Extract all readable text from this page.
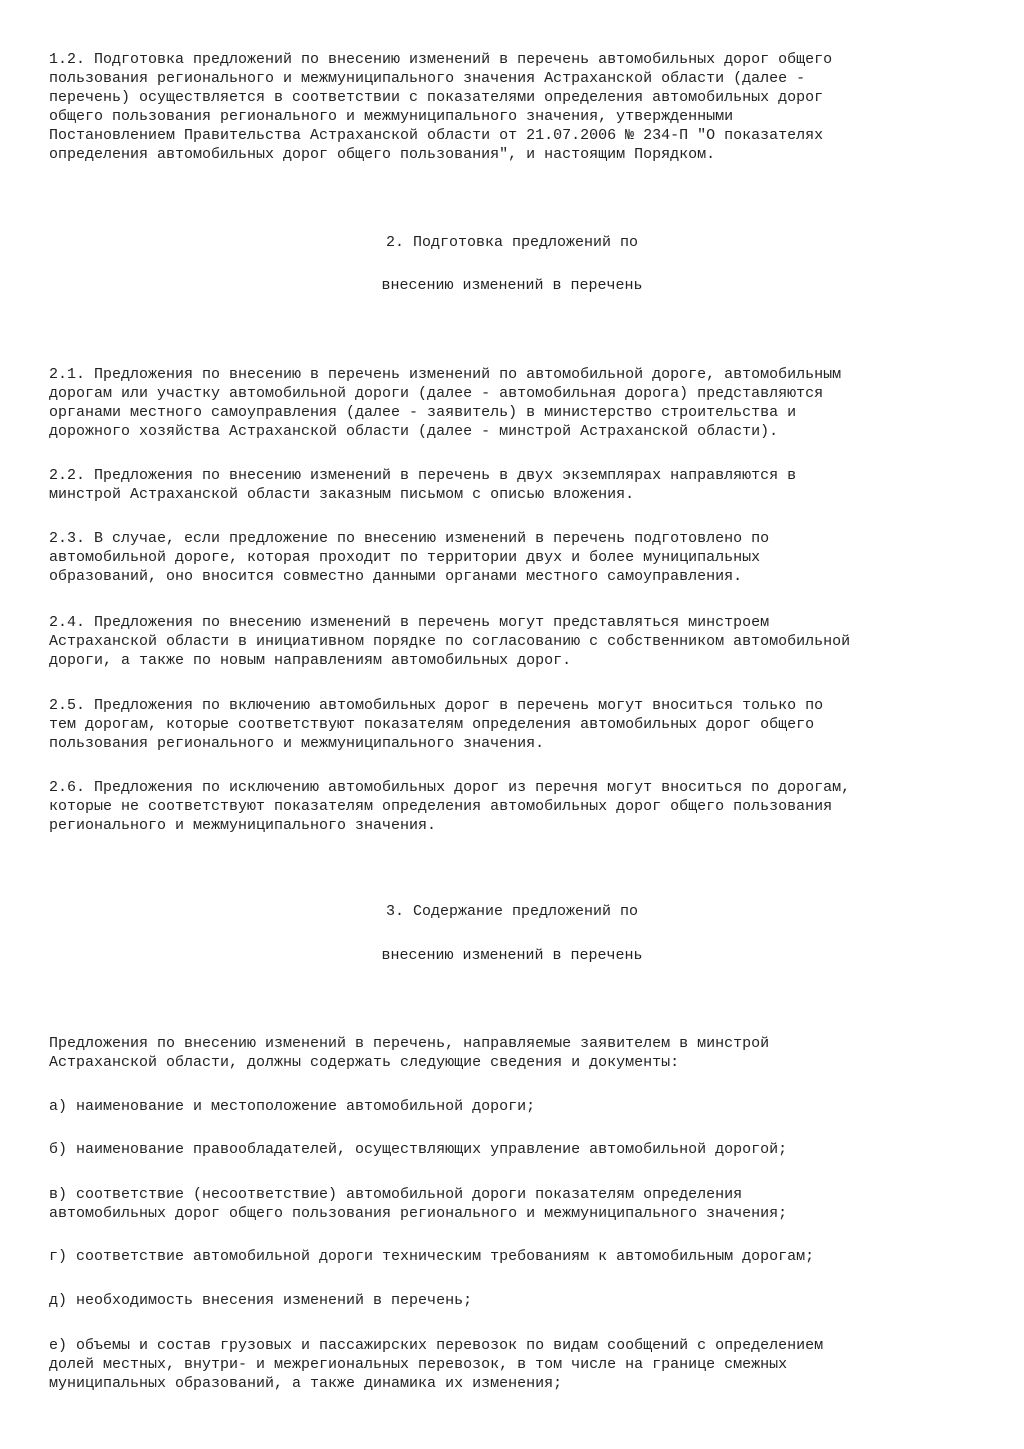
1.2. Подготовка предложений по внесению изменений в перечень автомобильных дорог общего
пользования регионального и межмуниципального значения Астраханской области (далее -
перечень) осуществляется в соответствии с показателями определения автомобильных дорог
общего пользования регионального и межмуниципального значения, утвержденными
Постановлением Правительства Астраханской области от 21.07.2006 № 234-П "О показателях
определения автомобильных дорог общего пользования", и настоящим Порядком.

2. Подготовка предложений по

внесению изменений в перечень

2.1. Предложения по внесению в перечень изменений по автомобильной дороге, автомобильным
дорогам или участку автомобильной дороги (далее - автомобильная дорога) представляются
органами местного самоуправления (далее - заявитель) в министерство строительства и
дорожного хозяйства Астраханской области (далее - минстрой Астраханской области).

2.2. Предложения по внесению изменений в перечень в двух экземплярах направляются в
минстрой Астраханской области заказным письмом с описью вложения.

2.3. В случае, если предложение по внесению изменений в перечень подготовлено по
автомобильной дороге, которая проходит по территории двух и более муниципальных
образований, оно вносится совместно данными органами местного самоуправления.

2.4. Предложения по внесению изменений в перечень могут представляться минстроем
Астраханской области в инициативном порядке по согласованию с собственником автомобильной
дороги, а также по новым направлениям автомобильных дорог.

2.5. Предложения по включению автомобильных дорог в перечень могут вноситься только по
тем дорогам, которые соответствуют показателям определения автомобильных дорог общего
пользования регионального и межмуниципального значения.

2.6. Предложения по исключению автомобильных дорог из перечня могут вноситься по дорогам,
которые не соответствуют показателям определения автомобильных дорог общего пользования
регионального и межмуниципального значения.

3. Содержание предложений по

внесению изменений в перечень

Предложения по внесению изменений в перечень, направляемые заявителем в минстрой
Астраханской области, должны содержать следующие сведения и документы:

а) наименование и местоположение автомобильной дороги;

б) наименование правообладателей, осуществляющих управление автомобильной дорогой;

в) соответствие (несоответствие) автомобильной дороги показателям определения
автомобильных дорог общего пользования регионального и межмуниципального значения;

г) соответствие автомобильной дороги техническим требованиям к автомобильным дорогам;

д) необходимость внесения изменений в перечень;

е) объемы и состав грузовых и пассажирских перевозок по видам сообщений с определением
долей местных, внутри- и межрегиональных перевозок, в том числе на границе смежных
муниципальных образований, а также динамика их изменения;
